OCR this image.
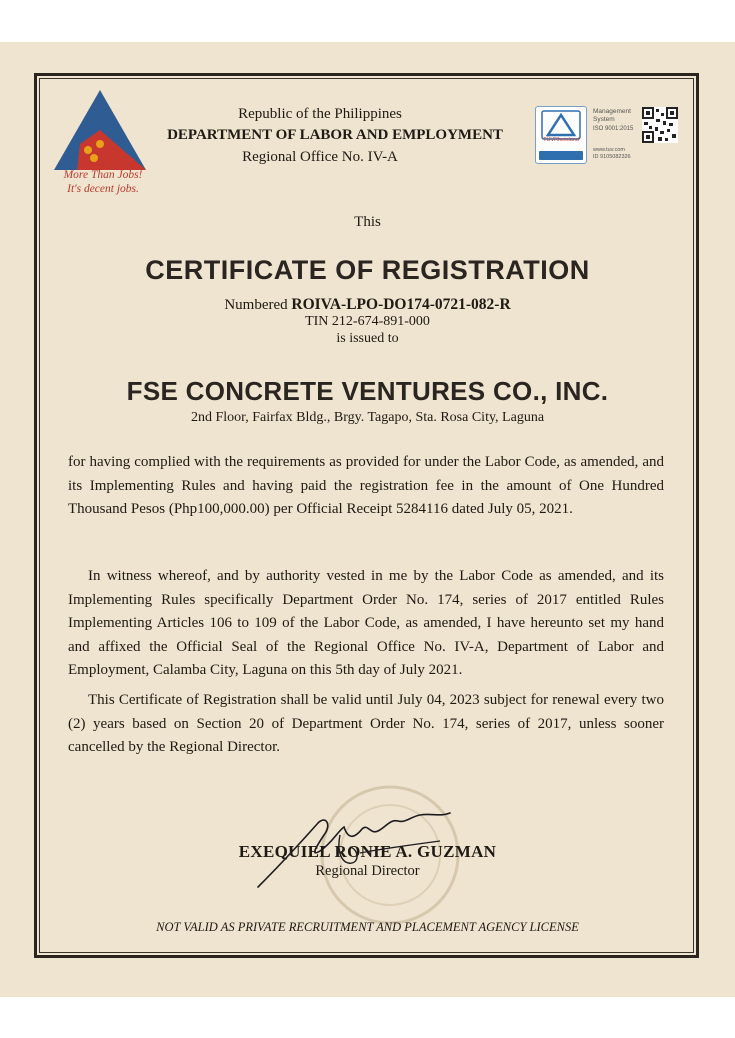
More Than Jobs!
It's decent jobs.
Republic of the Philippines
DEPARTMENT OF LABOR AND EMPLOYMENT
Regional Office No. IV-A
TÜVRheinland
Management System
ISO 9001:2015
www.tuv.com
ID 9105082326
This
CERTIFICATE OF REGISTRATION
Numbered ROIVA-LPO-DO174-0721-082-R
TIN 212-674-891-000
is issued to
FSE CONCRETE VENTURES CO., INC.
2nd Floor, Fairfax Bldg., Brgy. Tagapo, Sta. Rosa City, Laguna
for having complied with the requirements as provided for under the Labor Code, as amended, and its Implementing Rules and having paid the registration fee in the amount of One Hundred Thousand Pesos (Php100,000.00) per Official Receipt 5284116 dated July 05, 2021.
In witness whereof, and by authority vested in me by the Labor Code as amended, and its Implementing Rules specifically Department Order No. 174, series of 2017 entitled Rules Implementing Articles 106 to 109 of the Labor Code, as amended, I have hereunto set my hand and affixed the Official Seal of the Regional Office No. IV-A, Department of Labor and Employment, Calamba City, Laguna on this 5th day of July 2021.
This Certificate of Registration shall be valid until July 04, 2023 subject for renewal every two (2) years based on Section 20 of Department Order No. 174, series of 2017, unless sooner cancelled by the Regional Director.
EXEQUIEL RONIE A. GUZMAN
Regional Director
NOT VALID AS PRIVATE RECRUITMENT AND PLACEMENT AGENCY LICENSE
